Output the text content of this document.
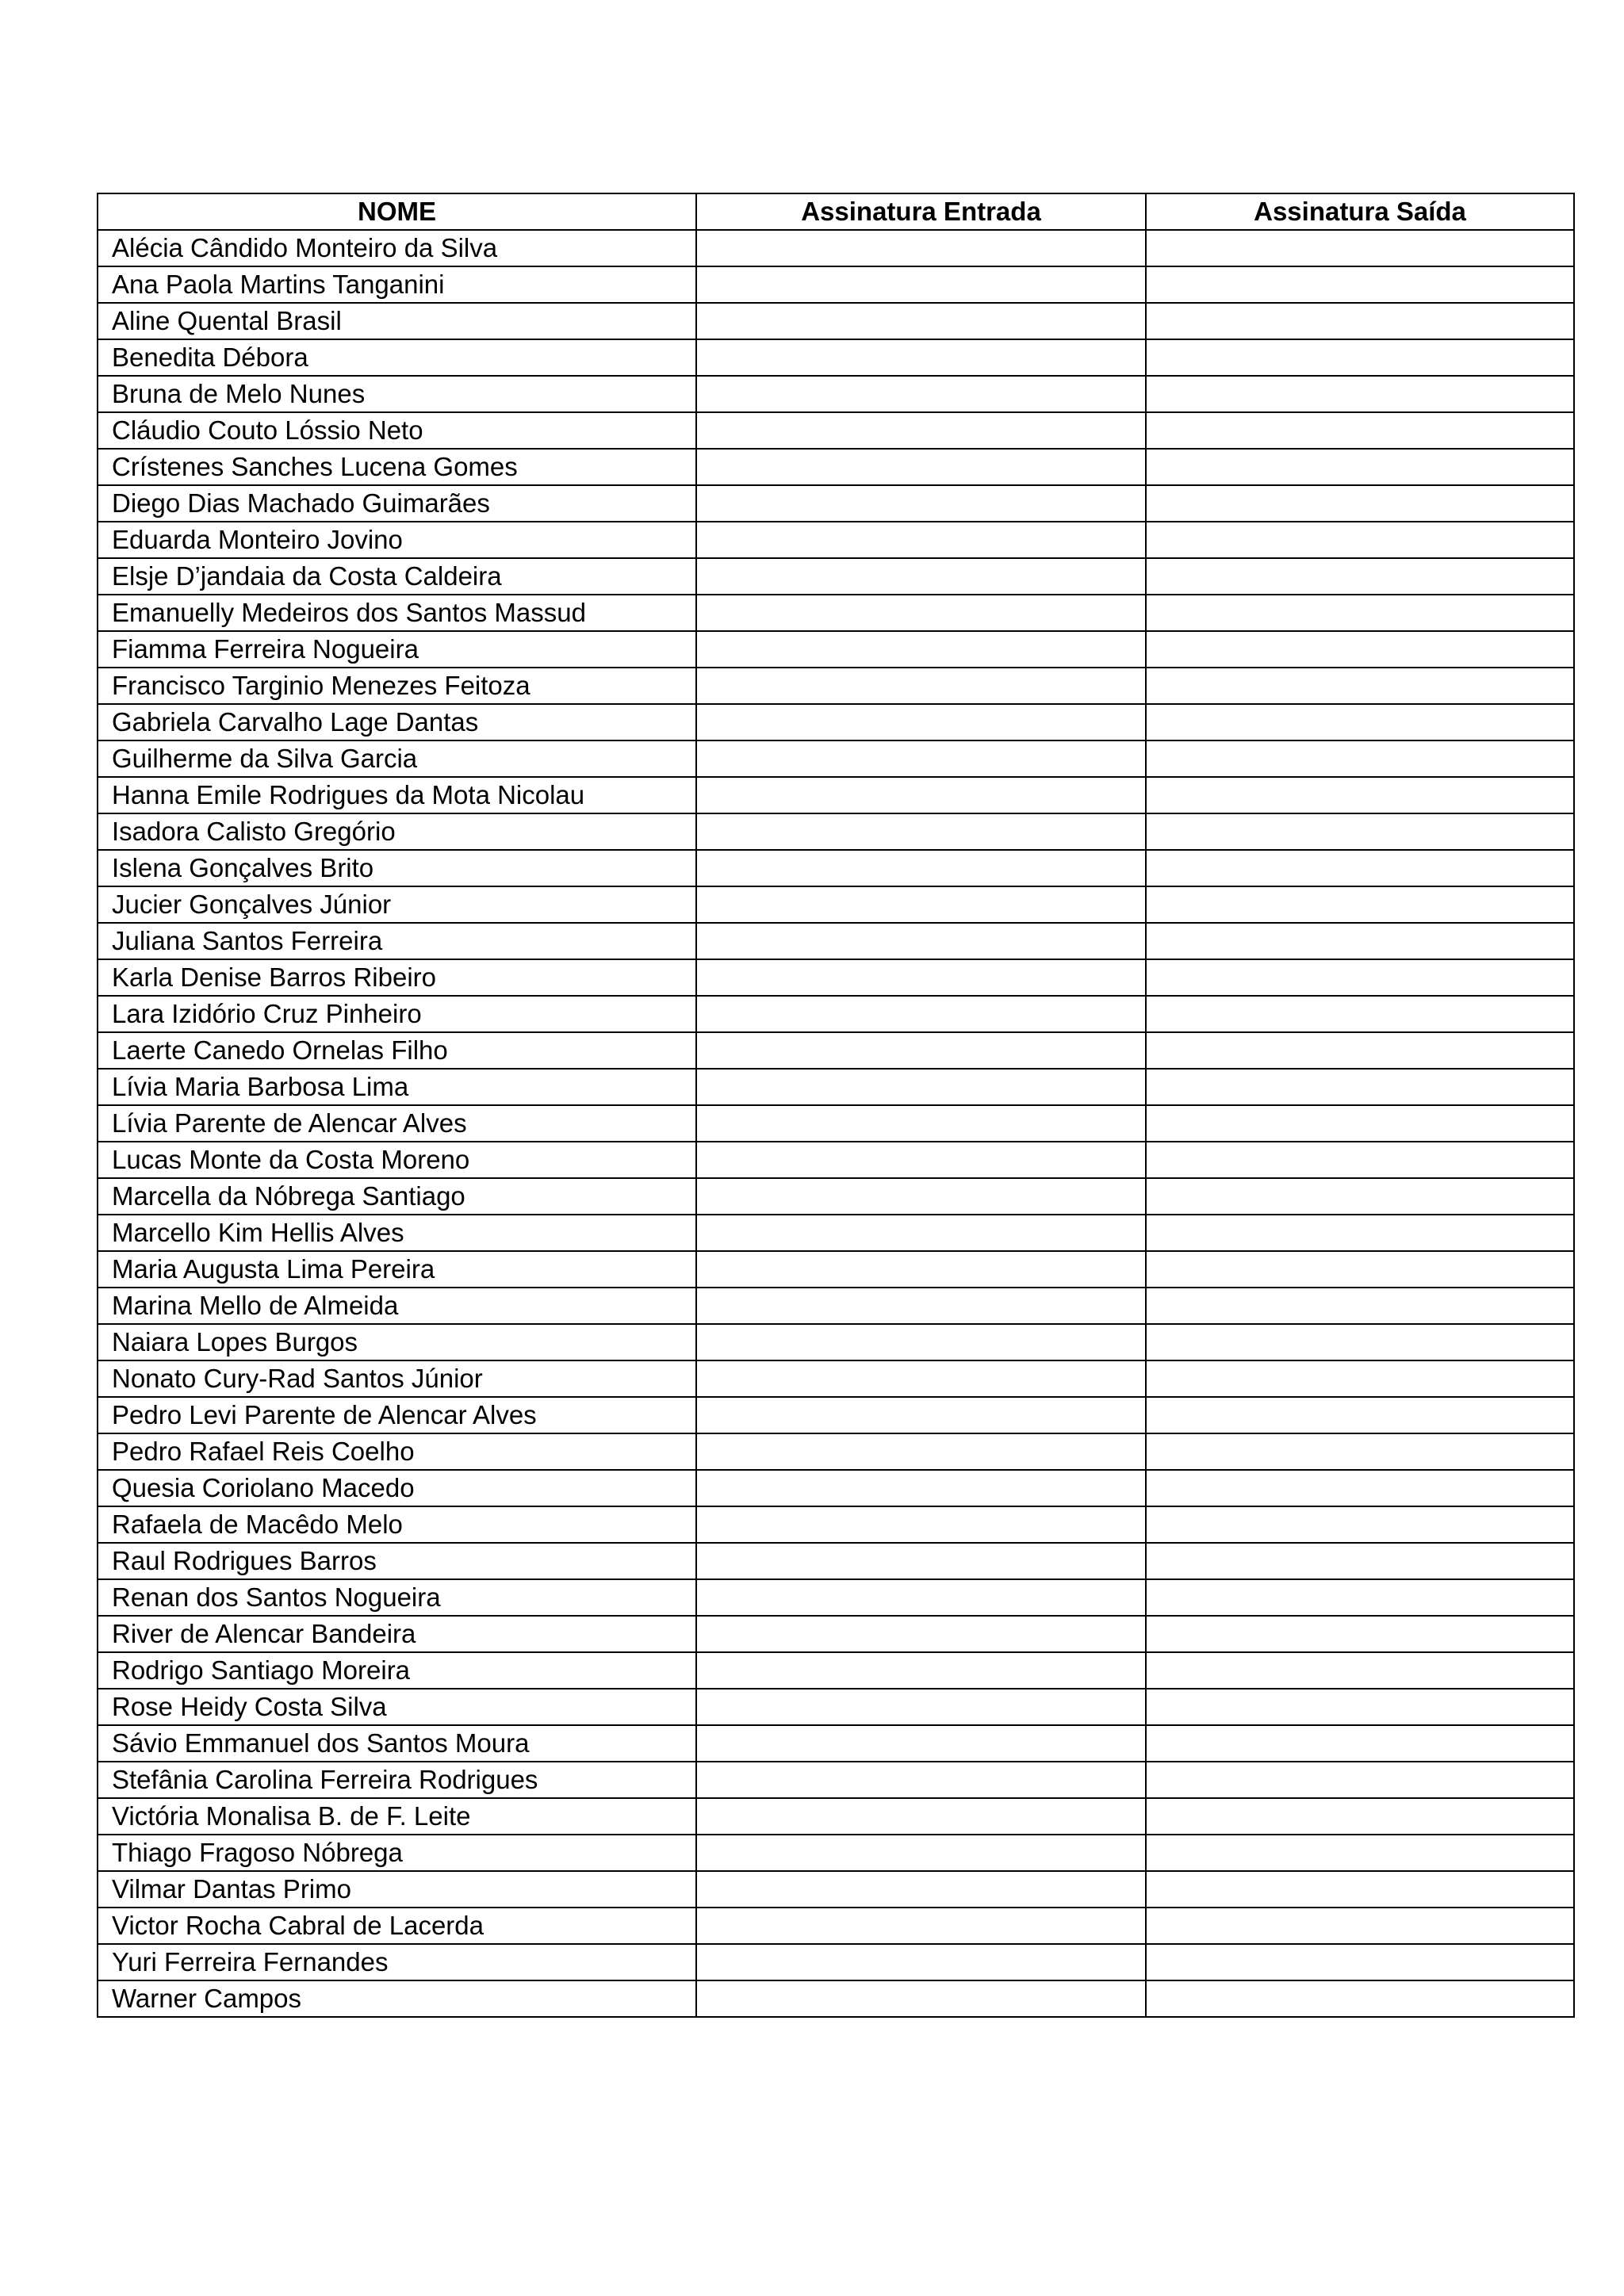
NOME	Assinatura Entrada	Assinatura Saída
Alécia Cândido Monteiro da Silva		
Ana Paola Martins Tanganini		
Aline Quental Brasil		
Benedita Débora		
Bruna de Melo Nunes		
Cláudio Couto Lóssio Neto		
Crístenes Sanches Lucena Gomes		
Diego Dias Machado Guimarães		
Eduarda Monteiro Jovino		
Elsje D’jandaia da Costa Caldeira		
Emanuelly Medeiros dos Santos Massud		
Fiamma Ferreira Nogueira		
Francisco Targinio Menezes Feitoza		
Gabriela Carvalho Lage Dantas		
Guilherme da Silva Garcia		
Hanna Emile Rodrigues da Mota Nicolau		
Isadora Calisto Gregório		
Islena Gonçalves Brito		
Jucier Gonçalves Júnior		
Juliana Santos Ferreira		
Karla Denise Barros Ribeiro		
Lara Izidório Cruz Pinheiro		
Laerte Canedo Ornelas Filho		
Lívia Maria Barbosa Lima		
Lívia Parente de Alencar Alves		
Lucas Monte da Costa Moreno		
Marcella da Nóbrega Santiago		
Marcello Kim Hellis Alves		
Maria Augusta Lima Pereira		
Marina Mello de Almeida		
Naiara Lopes Burgos		
Nonato Cury-Rad Santos Júnior		
Pedro Levi Parente de Alencar Alves		
Pedro Rafael Reis Coelho		
Quesia Coriolano Macedo		
Rafaela de Macêdo Melo		
Raul Rodrigues Barros		
Renan dos Santos Nogueira		
River de Alencar Bandeira		
Rodrigo Santiago Moreira		
Rose Heidy Costa Silva		
Sávio Emmanuel dos Santos Moura		
Stefânia Carolina Ferreira Rodrigues		
Victória Monalisa B. de F. Leite		
Thiago Fragoso Nóbrega		
Vilmar Dantas Primo		
Victor Rocha Cabral de Lacerda		
Yuri Ferreira Fernandes		
Warner Campos		
